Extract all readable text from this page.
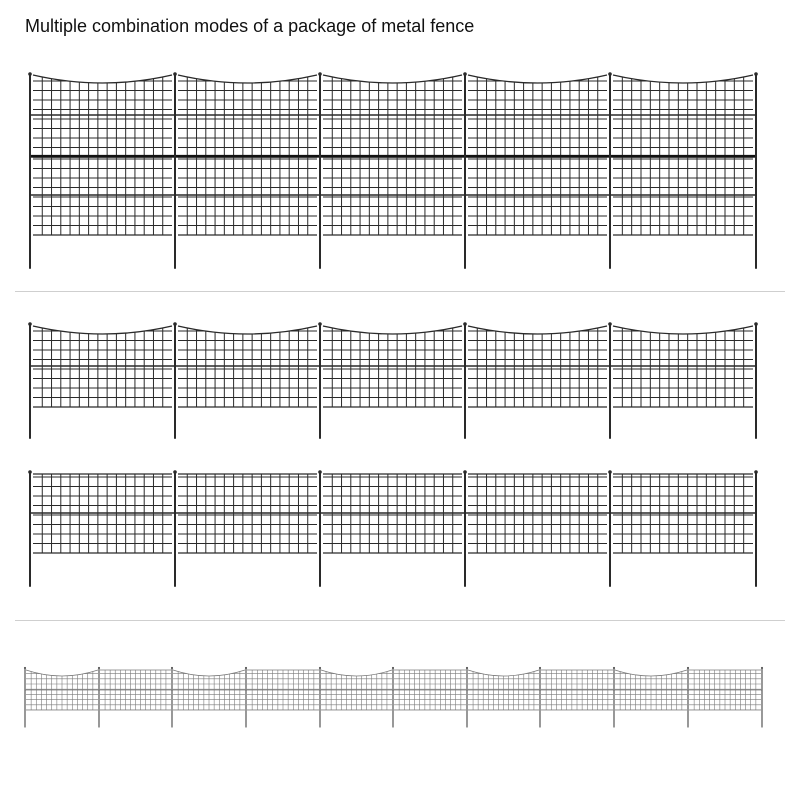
Multiple combination modes of a package of metal fence
